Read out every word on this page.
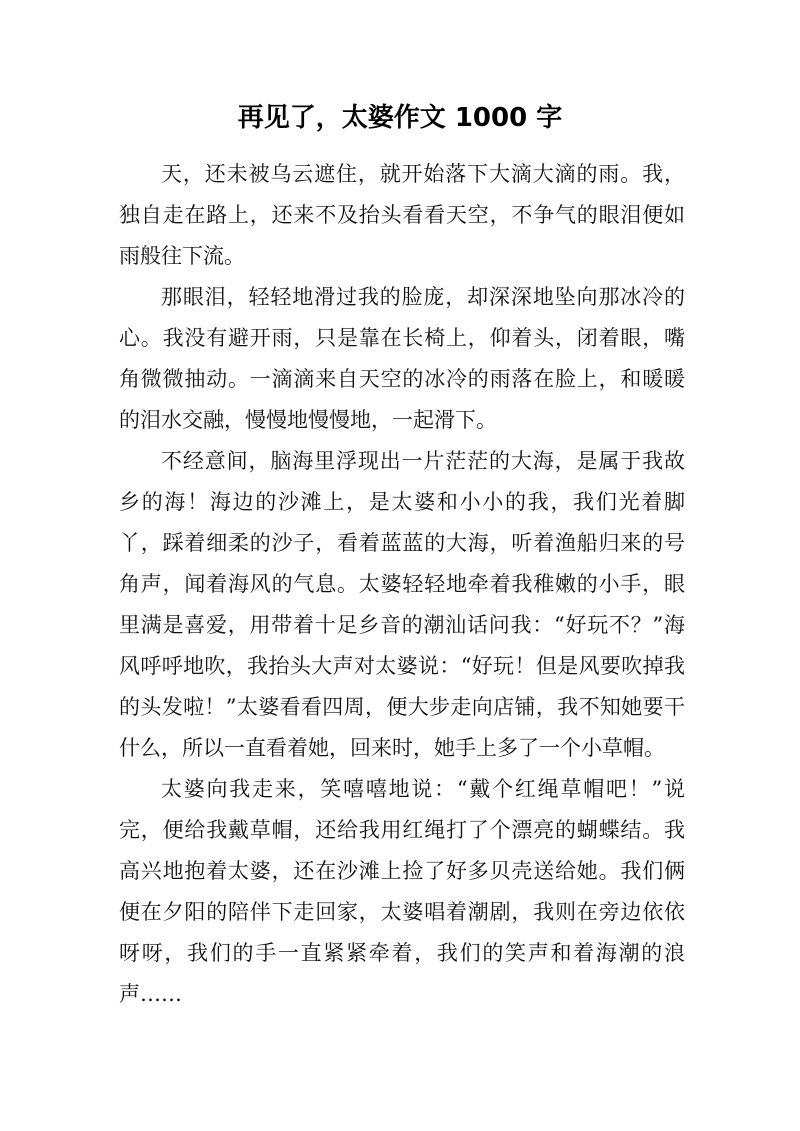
再见了，太婆作文 1000 字

天，还未被乌云遮住，就开始落下大滴大滴的雨。我，独自走在路上，还来不及抬头看看天空，不争气的眼泪便如雨般往下流。

那眼泪，轻轻地滑过我的脸庞，却深深地坠向那冰冷的心。我没有避开雨，只是靠在长椅上，仰着头，闭着眼，嘴角微微抽动。一滴滴来自天空的冰冷的雨落在脸上，和暖暖的泪水交融，慢慢地慢慢地，一起滑下。

不经意间，脑海里浮现出一片茫茫的大海，是属于我故乡的海！海边的沙滩上，是太婆和小小的我，我们光着脚丫，踩着细柔的沙子，看着蓝蓝的大海，听着渔船归来的号角声，闻着海风的气息。太婆轻轻地牵着我稚嫩的小手，眼里满是喜爱，用带着十足乡音的潮汕话问我：“好玩不？”海风呼呼地吹，我抬头大声对太婆说：“好玩！但是风要吹掉我的头发啦！”太婆看看四周，便大步走向店铺，我不知她要干什么，所以一直看着她，回来时，她手上多了一个小草帽。

太婆向我走来，笑嘻嘻地说：“戴个红绳草帽吧！”说完，便给我戴草帽，还给我用红绳打了个漂亮的蝴蝶结。我高兴地抱着太婆，还在沙滩上捡了好多贝壳送给她。我们俩便在夕阳的陪伴下走回家，太婆唱着潮剧，我则在旁边依依呀呀，我们的手一直紧紧牵着，我们的笑声和着海潮的浪声……
